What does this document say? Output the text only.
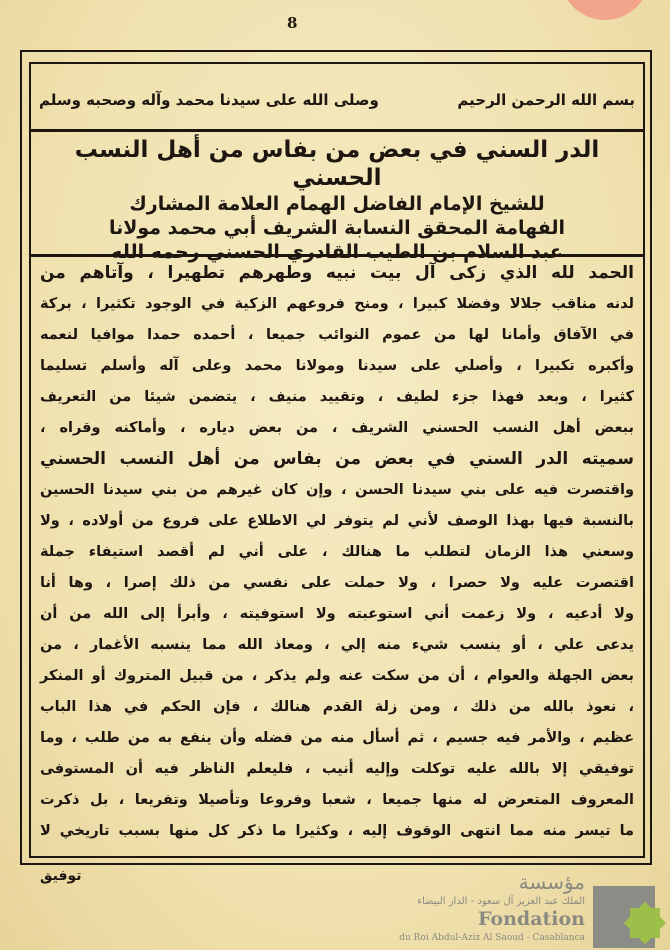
8
بسم الله الرحمن الرحيم
وصلى الله على سيدنا محمد وآله وصحبه وسلم
الدر السني في بعض من بفاس من أهل النسب الحسني
للشيخ الإمام الفاضل الهمام العلامة المشارك
الفهامة المحقق النسابة الشريف أبي محمد مولانا
عبد السلام بن الطيب القادري الحسني رحمه الله
الحمد لله الذي زكى آل بيت نبيه وطهرهم تطهيرا ، وآتاهم من
لدنه مناقب جلالا وفضلا كبيرا ، ومنح فروعهم الزكية في الوجود تكثيرا ، بركة
في الآفاق وأمانا لها من عموم النوائب جميعا ، أحمده حمدا موافيا لنعمه
وأكبره تكبيرا ، وأصلي على سيدنا ومولانا محمد وعلى آله وأسلم تسليما
كثيرا ، وبعد فهذا جزء لطيف ، وتقييد منيف ، يتضمن شيئا من التعريف
ببعض أهل النسب الحسني الشريف ، من بعض دياره ، وأماكنه وقراه ،
سميته الدر السني في بعض من بفاس من أهل النسب الحسني
واقتصرت فيه على بني سيدنا الحسن ، وإن كان غيرهم من بني سيدنا الحسين
بالنسبة فيها بهذا الوصف لأني لم يتوفر لي الاطلاع على فروع من أولاده ، ولا
وسعني هذا الزمان لتطلب ما هنالك ، على أني لم أقصد استيفاء جملة
اقتصرت عليه ولا حصرا ، ولا حملت على نفسي من ذلك إصرا ، وها أنا
ولا أدعيه ، ولا زعمت أني استوعبته ولا استوفيته ، وأبرأ إلى الله من أن
يدعى علي ، أو ينسب شيء منه إلي ، ومعاذ الله مما ينسبه الأغمار ، من
بعض الجهلة والعوام ، أن من سكت عنه ولم يذكر ، من قبيل المتروك أو المنكر
، نعوذ بالله من ذلك ، ومن زلة القدم هنالك ، فإن الحكم في هذا الباب
عظيم ، والأمر فيه جسيم ، ثم أسأل منه من فضله وأن ينفع به من طلب ، وما
توفيقي إلا بالله عليه توكلت وإليه أنيب ، فليعلم الناظر فيه أن المستوفى
المعروف المتعرض له منها جميعا ، شعبا وفروعا وتأصيلا وتفريعا ، بل ذكرت
ما تيسر منه مما انتهى الوقوف إليه ، وكثيرا ما ذكر كل منها بسبب تاريخي لا
توفيق	مؤسسة
الملك عبد العزيز آل سعود - الدار البيضاء
Fondation
du Roi Abdul-Aziz Al Saoud - Casablanca
